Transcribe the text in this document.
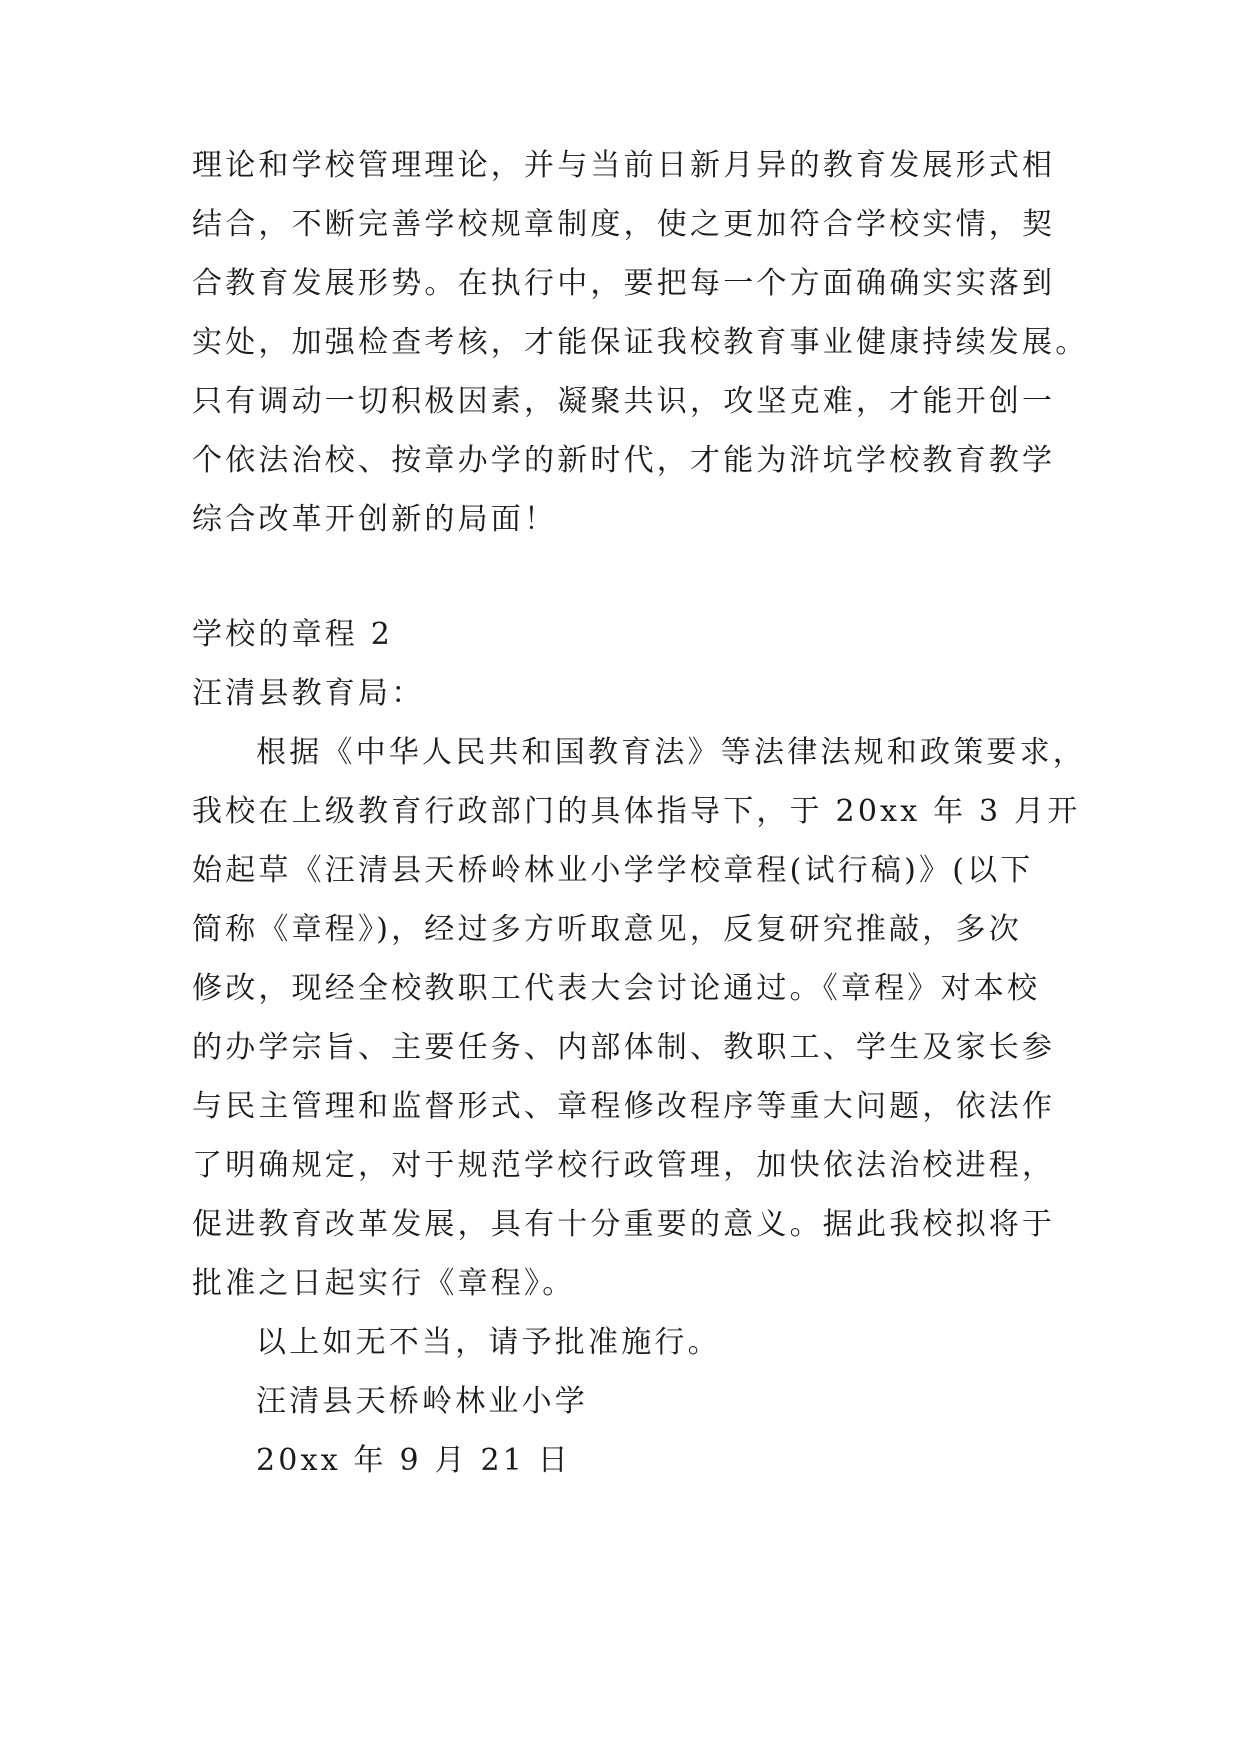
理论和学校管理理论，并与当前日新月异的教育发展形式相
结合，不断完善学校规章制度，使之更加符合学校实情，契
合教育发展形势。在执行中，要把每一个方面确确实实落到
实处，加强检查考核，才能保证我校教育事业健康持续发展。
只有调动一切积极因素，凝聚共识，攻坚克难，才能开创一
个依法治校、按章办学的新时代，才能为浒坑学校教育教学
综合改革开创新的局面！
学校的章程 2
汪清县教育局：
根据《中华人民共和国教育法》等法律法规和政策要求，
我校在上级教育行政部门的具体指导下，于 20xx 年 3 月开
始起草《汪清县天桥岭林业小学学校章程(试行稿)》(以下
简称《章程》)，经过多方听取意见，反复研究推敲，多次
修改，现经全校教职工代表大会讨论通过。《章程》对本校
的办学宗旨、主要任务、内部体制、教职工、学生及家长参
与民主管理和监督形式、章程修改程序等重大问题，依法作
了明确规定，对于规范学校行政管理，加快依法治校进程，
促进教育改革发展，具有十分重要的意义。据此我校拟将于
批准之日起实行《章程》。
以上如无不当，请予批准施行。
汪清县天桥岭林业小学
20xx 年 9 月 21 日
